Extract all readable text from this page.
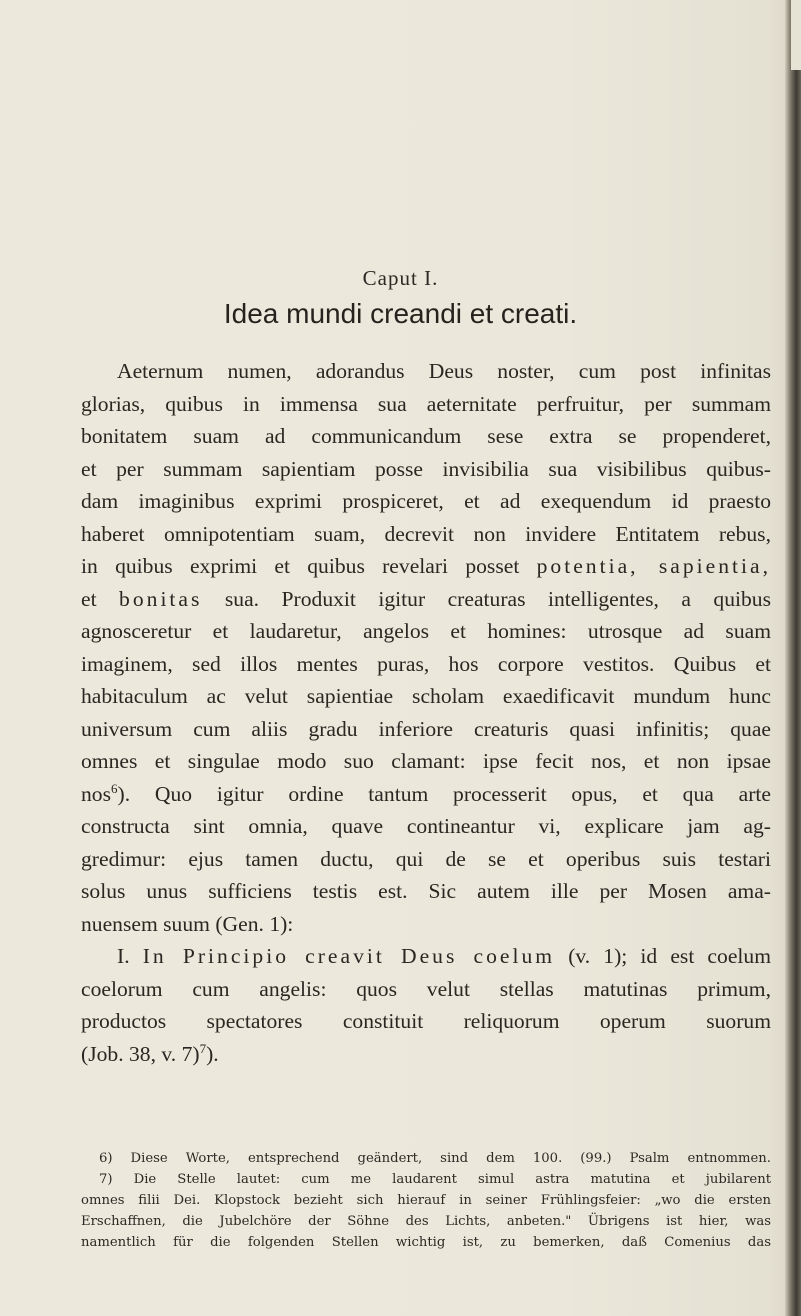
Caput I.
Idea mundi creandi et creati.
Aeternum numen, adorandus Deus noster, cum post infinitas
glorias, quibus in immensa sua aeternitate perfruitur, per summam
bonitatem suam ad communicandum sese extra se propenderet,
et per summam sapientiam posse invisibilia sua visibilibus quibus-
dam imaginibus exprimi prospiceret, et ad exequendum id praesto
haberet omnipotentiam suam, decrevit non invidere Entitatem rebus,
in quibus exprimi et quibus revelari posset potentia, sapientia,
et bonitas sua. Produxit igitur creaturas intelligentes, a quibus
agnosceretur et laudaretur, angelos et homines: utrosque ad suam
imaginem, sed illos mentes puras, hos corpore vestitos. Quibus et
habitaculum ac velut sapientiae scholam exaedificavit mundum hunc
universum cum aliis gradu inferiore creaturis quasi infinitis; quae
omnes et singulae modo suo clamant: ipse fecit nos, et non ipsae
nos$^6$). Quo igitur ordine tantum processerit opus, et qua arte
constructa sint omnia, quave contineantur vi, explicare jam ag-
gredimur: ejus tamen ductu, qui de se et operibus suis testari
solus unus sufficiens testis est. Sic autem ille per Mosen ama-
nuensem suum (Gen. 1):
I. In Principio creavit Deus coelum (v. 1); id est coelum
coelorum cum angelis: quos velut stellas matutinas primum,
productos spectatores constituit reliquorum operum suorum
(Job. 38, v. 7)$^7$).
6) Diese Worte, entsprechend geändert, sind dem 100. (99.) Psalm entnommen.
7) Die Stelle lautet: cum me laudarent simul astra matutina et jubilarent
omnes filii Dei. Klopstock bezieht sich hierauf in seiner Frühlingsfeier: „wo die ersten
Erschaffnen, die Jubelchöre der Söhne des Lichts, anbeten." Übrigens ist hier, was
namentlich für die folgenden Stellen wichtig ist, zu bemerken, daß Comenius das
